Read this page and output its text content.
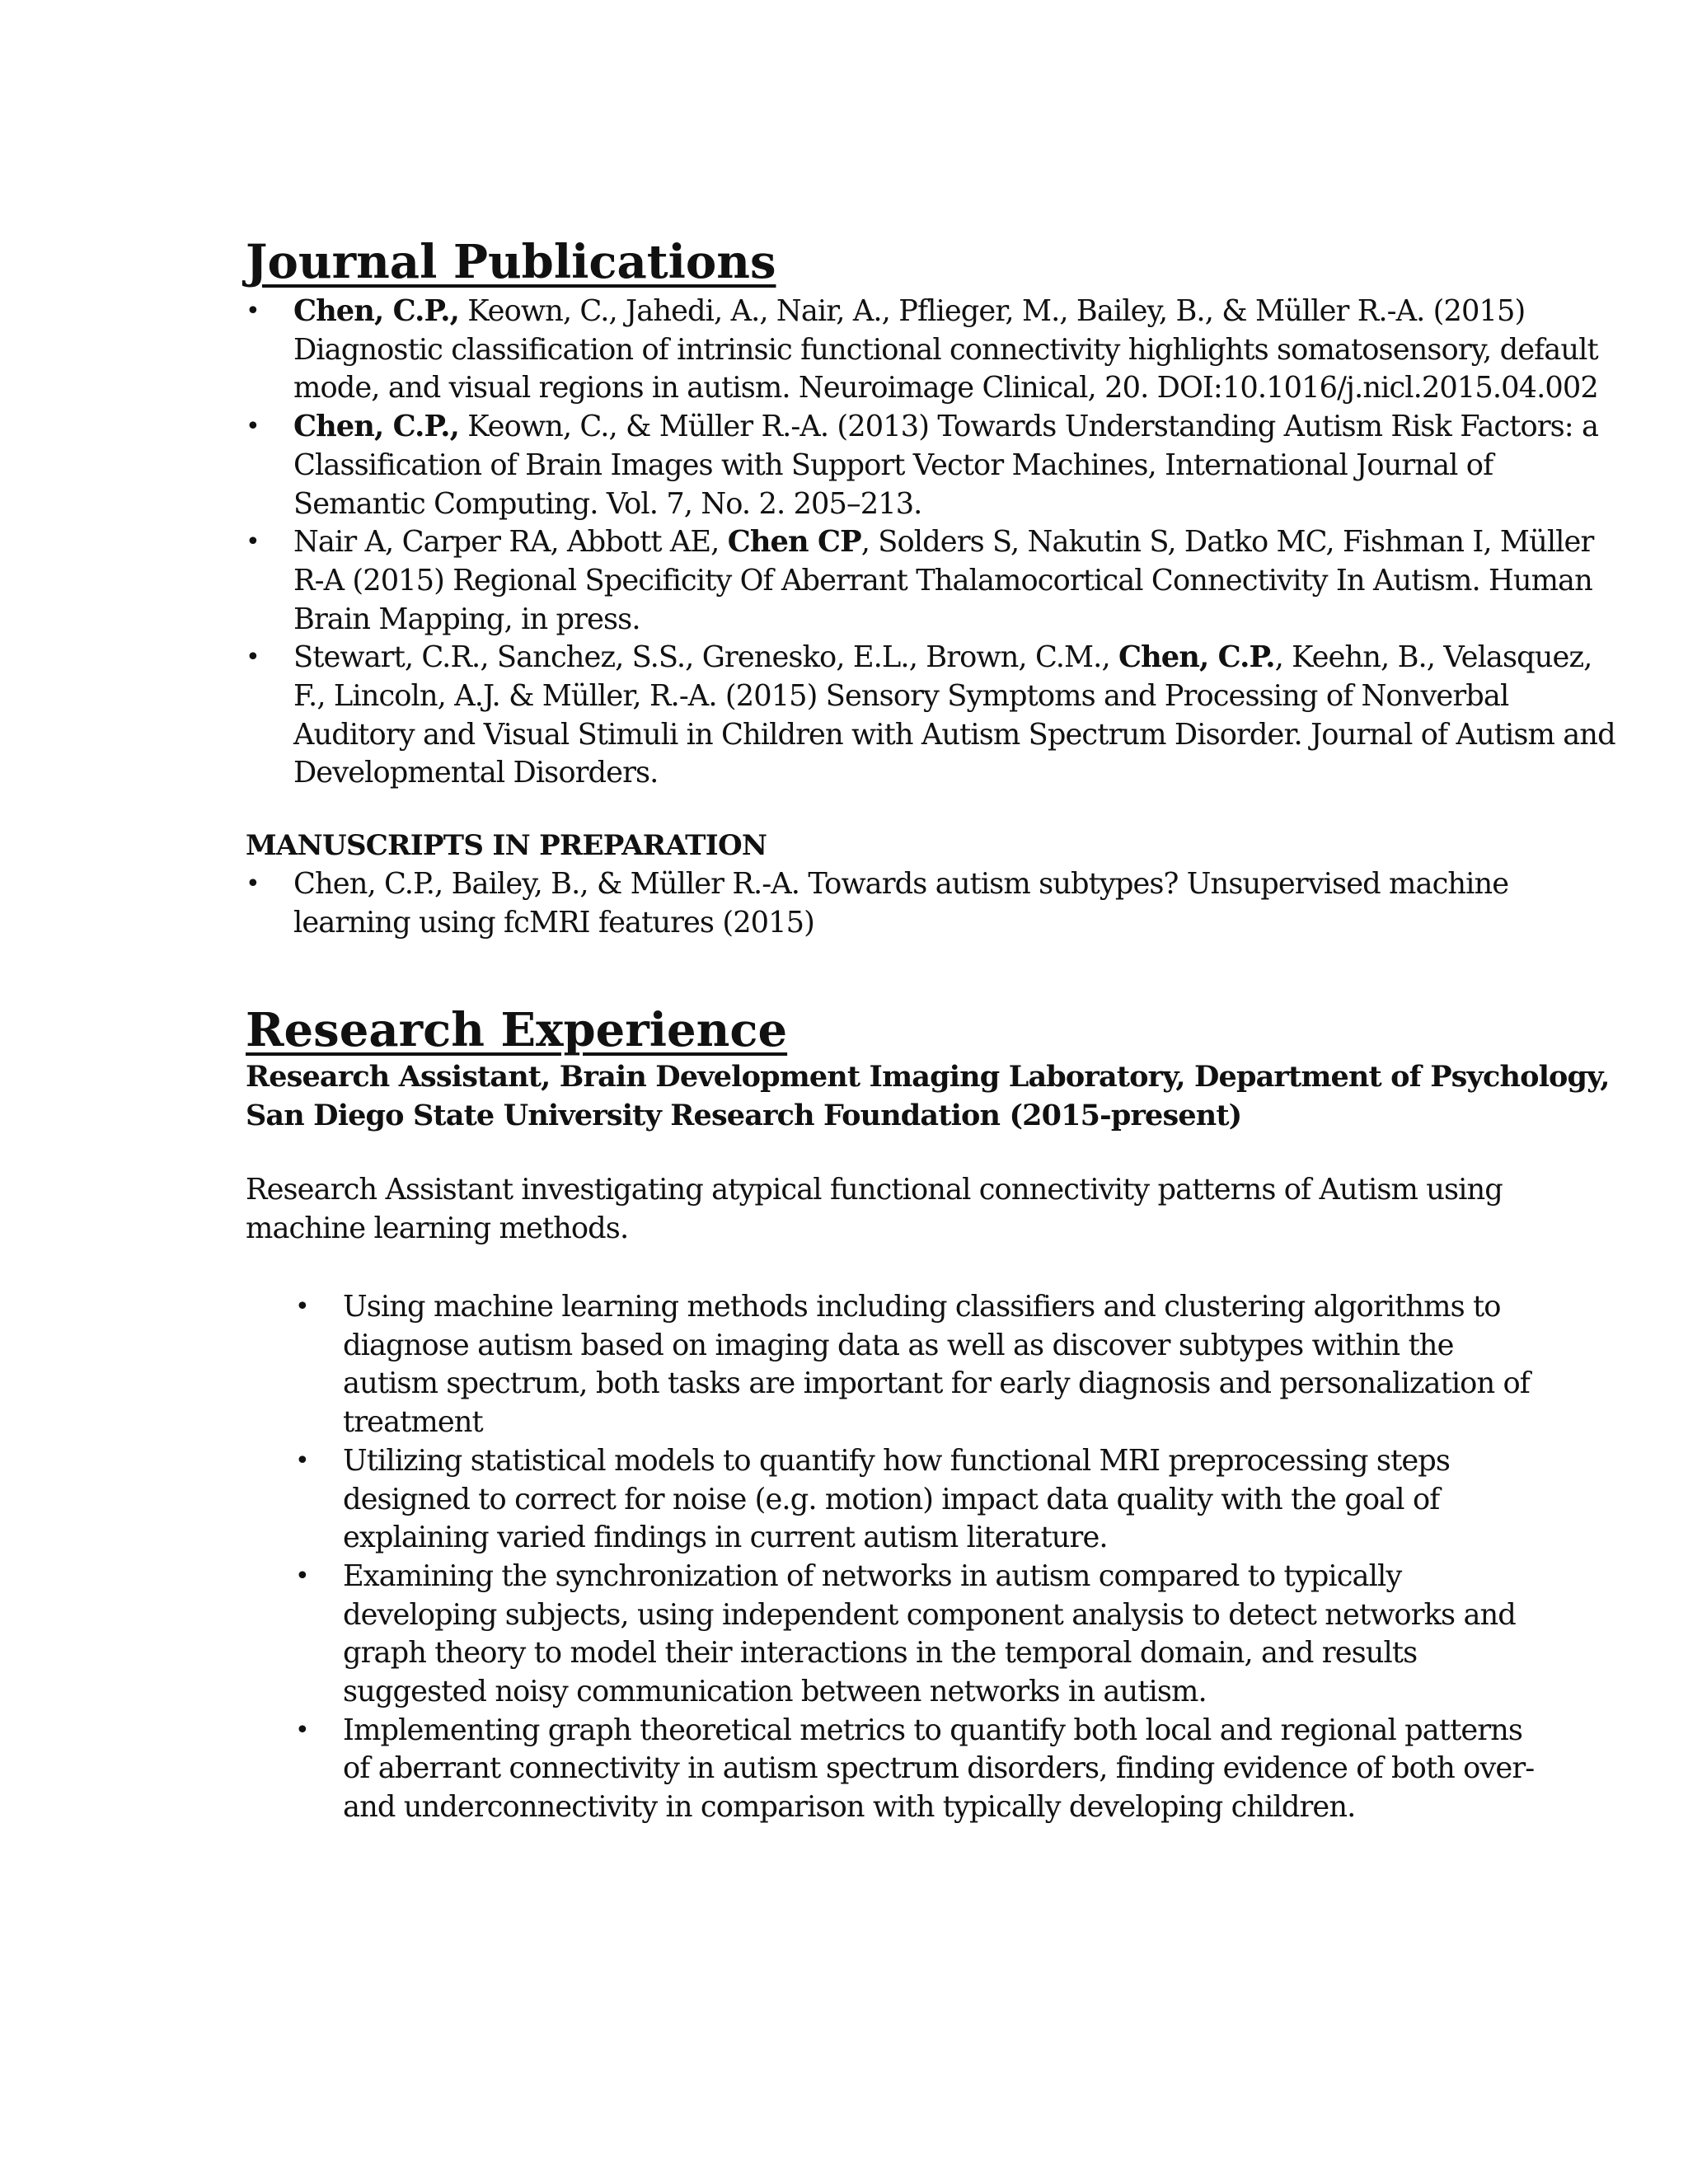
Journal Publications
• Chen, C.P., Keown, C., Jahedi, A., Nair, A., Pflieger, M., Bailey, B., & Müller R.-A. (2015) Diagnostic classification of intrinsic functional connectivity highlights somatosensory, default mode, and visual regions in autism. Neuroimage Clinical, 20. DOI:10.1016/j.nicl.2015.04.002
• Chen, C.P., Keown, C., & Müller R.-A. (2013) Towards Understanding Autism Risk Factors: a Classification of Brain Images with Support Vector Machines, International Journal of Semantic Computing. Vol. 7, No. 2. 205–213.
• Nair A, Carper RA, Abbott AE, Chen CP, Solders S, Nakutin S, Datko MC, Fishman I, Müller R-A (2015) Regional Specificity Of Aberrant Thalamocortical Connectivity In Autism. Human Brain Mapping, in press.
• Stewart, C.R., Sanchez, S.S., Grenesko, E.L., Brown, C.M., Chen, C.P., Keehn, B., Velasquez, F., Lincoln, A.J. & Müller, R.-A. (2015) Sensory Symptoms and Processing of Nonverbal Auditory and Visual Stimuli in Children with Autism Spectrum Disorder. Journal of Autism and Developmental Disorders.
MANUSCRIPTS IN PREPARATION
• Chen, C.P., Bailey, B., & Müller R.-A. Towards autism subtypes? Unsupervised machine learning using fcMRI features (2015)
Research Experience

Research Assistant, Brain Development Imaging Laboratory, Department of Psychology, San Diego State University Research Foundation (2015-present)

Research Assistant investigating atypical functional connectivity patterns of Autism using machine learning methods.

• Using machine learning methods including classifiers and clustering algorithms to diagnose autism based on imaging data as well as discover subtypes within the autism spectrum, both tasks are important for early diagnosis and personalization of treatment
• Utilizing statistical models to quantify how functional MRI preprocessing steps designed to correct for noise (e.g. motion) impact data quality with the goal of explaining varied findings in current autism literature.
• Examining the synchronization of networks in autism compared to typically developing subjects, using independent component analysis to detect networks and graph theory to model their interactions in the temporal domain, and results suggested noisy communication between networks in autism.
• Implementing graph theoretical metrics to quantify both local and regional patterns of aberrant connectivity in autism spectrum disorders, finding evidence of both over- and underconnectivity in comparison with typically developing children.
